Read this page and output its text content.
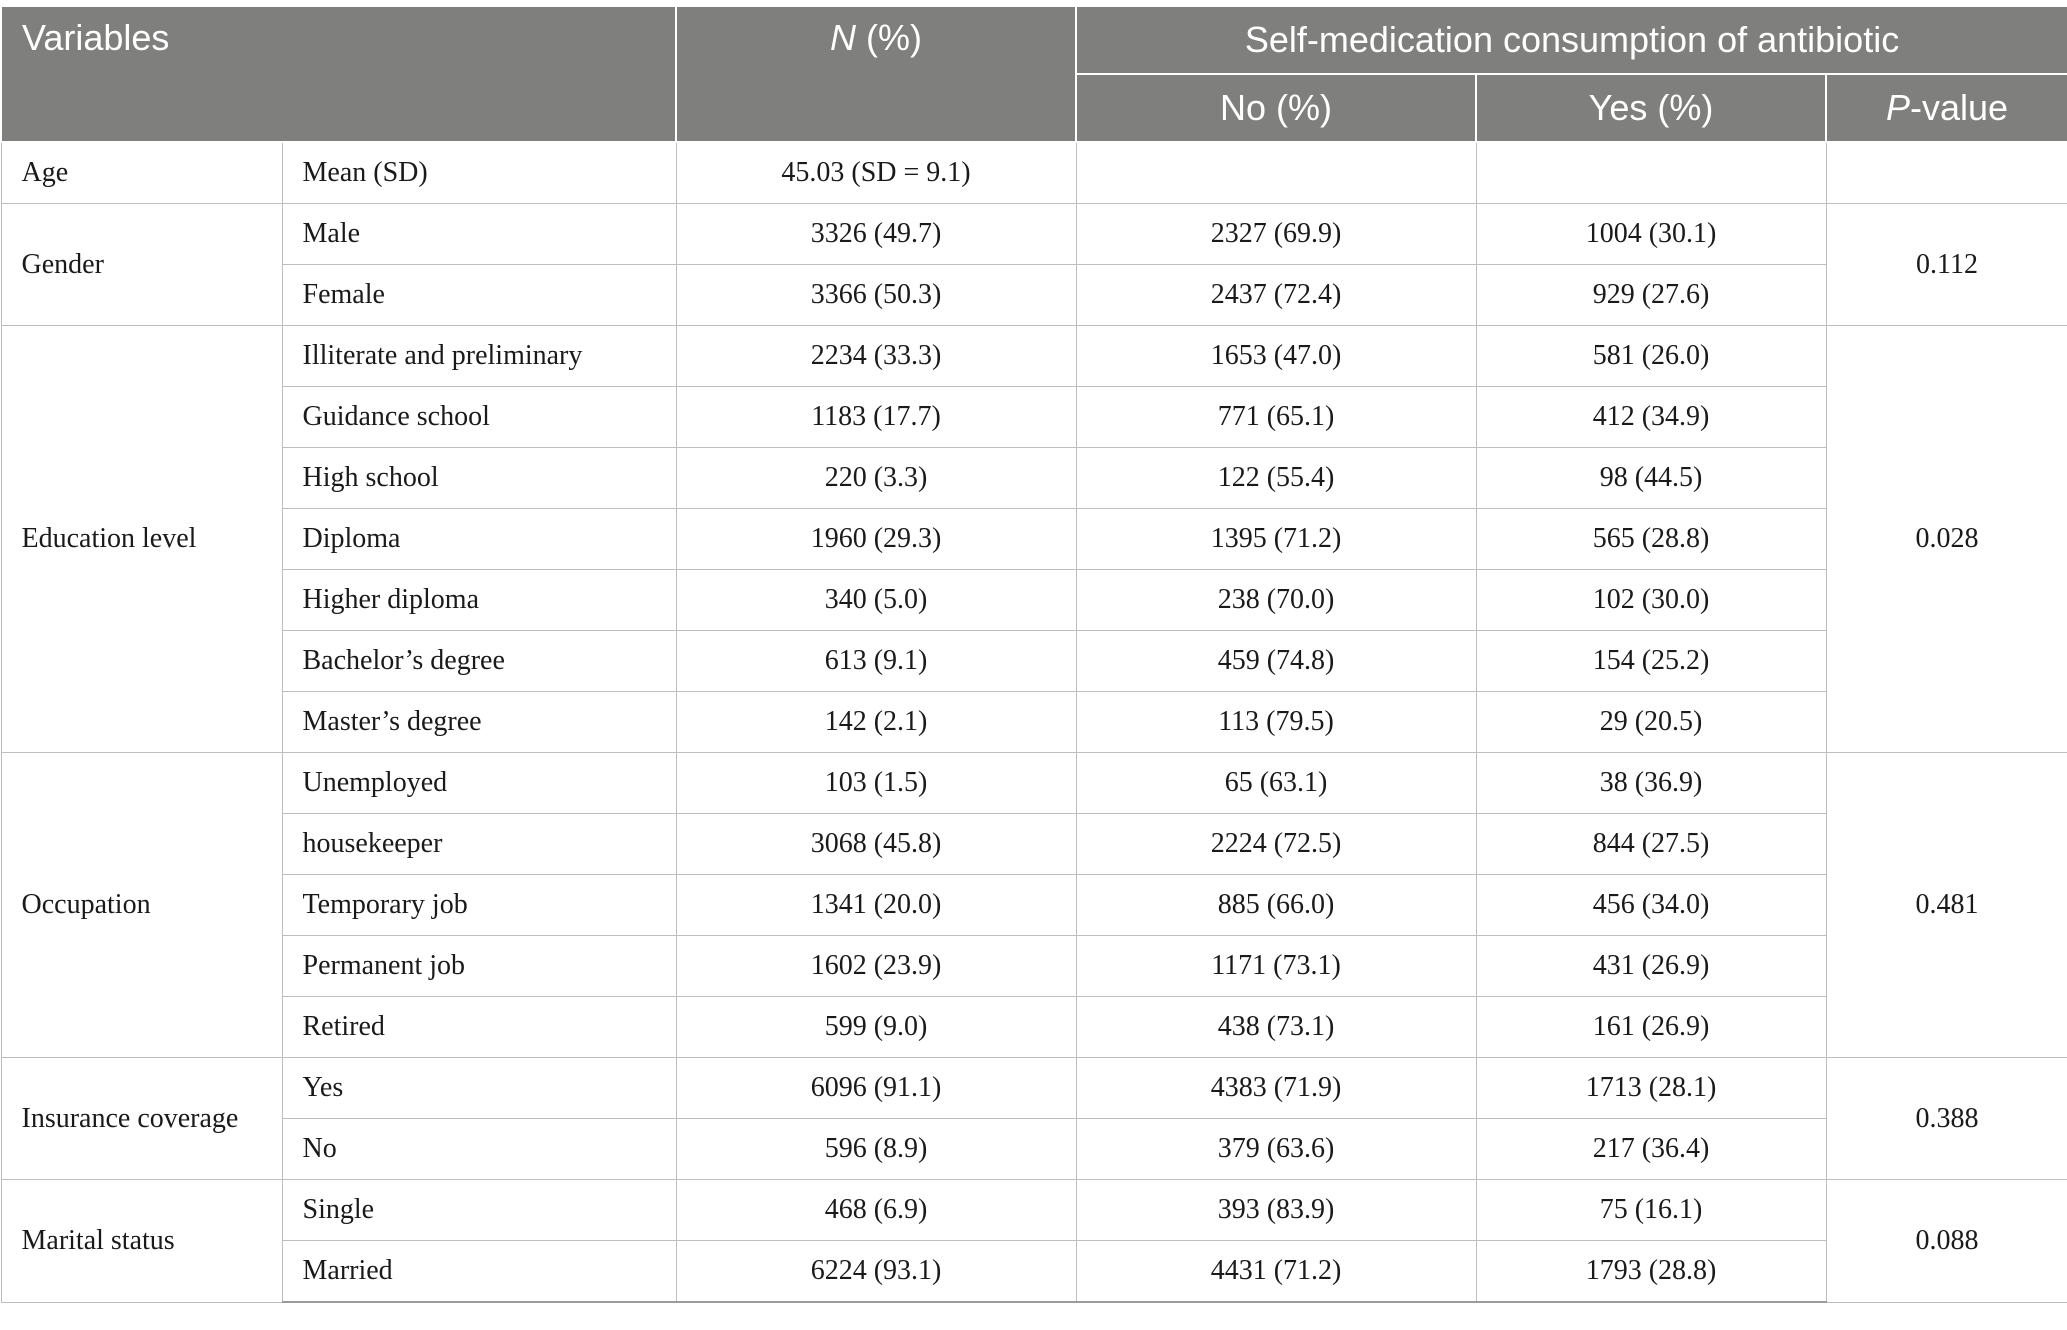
Variables		N (%)	Self-medication consumption of antibiotic		
			No (%)	Yes (%)	P-value
Age	Mean (SD)	45.03 (SD = 9.1)			
Gender	Male	3326 (49.7)	2327 (69.9)	1004 (30.1)	0.112
	Female	3366 (50.3)	2437 (72.4)	929 (27.6)	
Education level	Illiterate and preliminary	2234 (33.3)	1653 (47.0)	581 (26.0)	0.028
	Guidance school	1183 (17.7)	771 (65.1)	412 (34.9)	
	High school	220 (3.3)	122 (55.4)	98 (44.5)	
	Diploma	1960 (29.3)	1395 (71.2)	565 (28.8)	
	Higher diploma	340 (5.0)	238 (70.0)	102 (30.0)	
	Bachelor’s degree	613 (9.1)	459 (74.8)	154 (25.2)	
	Master’s degree	142 (2.1)	113 (79.5)	29 (20.5)	
Occupation	Unemployed	103 (1.5)	65 (63.1)	38 (36.9)	0.481
	housekeeper	3068 (45.8)	2224 (72.5)	844 (27.5)	
	Temporary job	1341 (20.0)	885 (66.0)	456 (34.0)	
	Permanent job	1602 (23.9)	1171 (73.1)	431 (26.9)	
	Retired	599 (9.0)	438 (73.1)	161 (26.9)	
Insurance coverage	Yes	6096 (91.1)	4383 (71.9)	1713 (28.1)	0.388
	No	596 (8.9)	379 (63.6)	217 (36.4)	
Marital status	Single	468 (6.9)	393 (83.9)	75 (16.1)	0.088
	Married	6224 (93.1)	4431 (71.2)	1793 (28.8)	
